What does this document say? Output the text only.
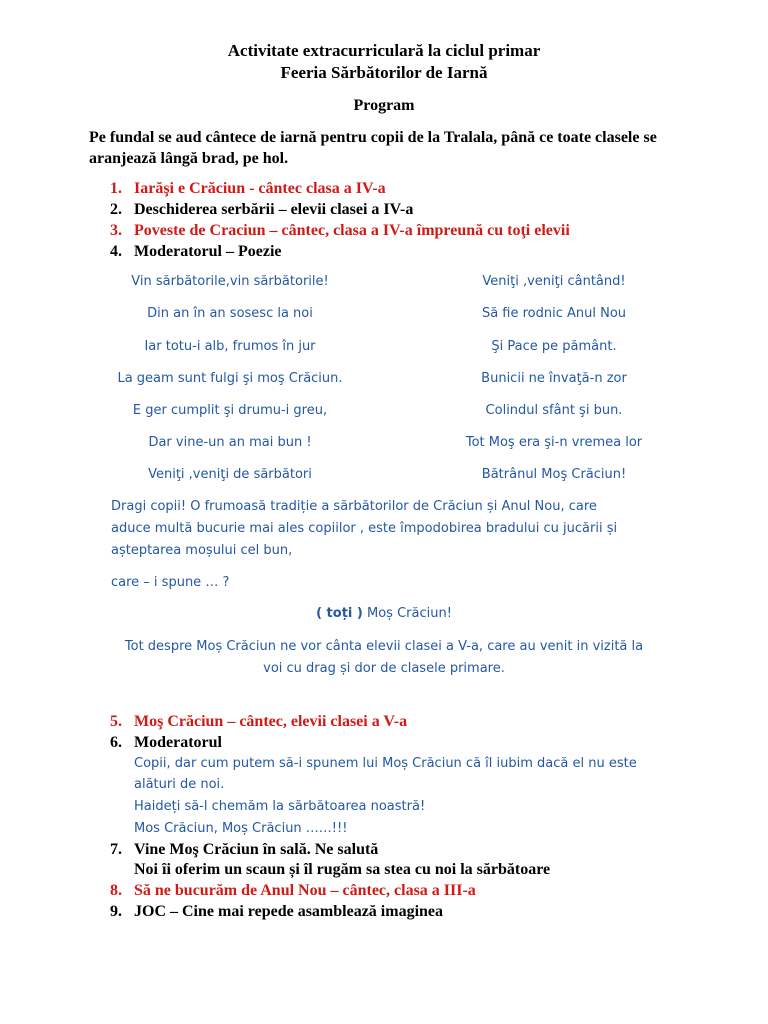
Activitate extracurriculară la ciclul primar
Feeria Sărbătorilor de Iarnă
Program
Pe fundal se aud cântece de iarnă pentru copii de la Tralala, până ce toate clasele se aranjează lângă brad, pe hol.
1. Iarăşi e Crăciun - cântec clasa a IV-a
2. Deschiderea serbării – elevii clasei a IV-a
3. Poveste de Craciun – cântec, clasa a IV-a împreună cu toţi elevii
4. Moderatorul – Poezie
Vin sărbătorile,vin sărbătorile!
Din an în an sosesc la noi
Iar totu-i alb, frumos în jur
La geam sunt fulgi şi moş Crăciun.
E ger cumplit şi drumu-i greu,
Dar vine-un an mai bun !
Veniţi ,veniţi de sărbători
Veniţi ,veniţi cântând!
Să fie rodnic Anul Nou
Şi Pace pe pământ.
Bunicii ne învaţă-n zor
Colindul sfânt şi bun.
Tot Moş era şi-n vremea lor
Bătrânul Moş Crăciun!
Dragi copii! O frumoasă tradiție a sărbătorilor de Crăciun și Anul Nou, care
aduce multă bucurie mai ales copiilor , este împodobirea bradului cu jucării și
așteptarea moșului cel bun,
care – i spune … ?
( toți ) Moș Crăciun!
Tot despre Moș Crăciun ne vor cânta elevii clasei a V-a, care au venit in vizită la
voi cu drag și dor de clasele primare.
5. Moş Crăciun – cântec, elevii clasei a V-a
6. Moderatorul
Copii, dar cum putem să-i spunem lui Moș Crăciun că îl iubim dacă el nu este
alături de noi.
Haideți să-l chemăm la sărbătoarea noastră!
Mos Crăciun, Moș Crăciun ……!!!
7. Vine Moş Crăciun în sală. Ne salută
Noi îi oferim un scaun și îl rugăm sa stea cu noi la sărbătoare
8. Să ne bucurăm de Anul Nou – cântec, clasa a III-a
9. JOC – Cine mai repede asamblează imaginea
